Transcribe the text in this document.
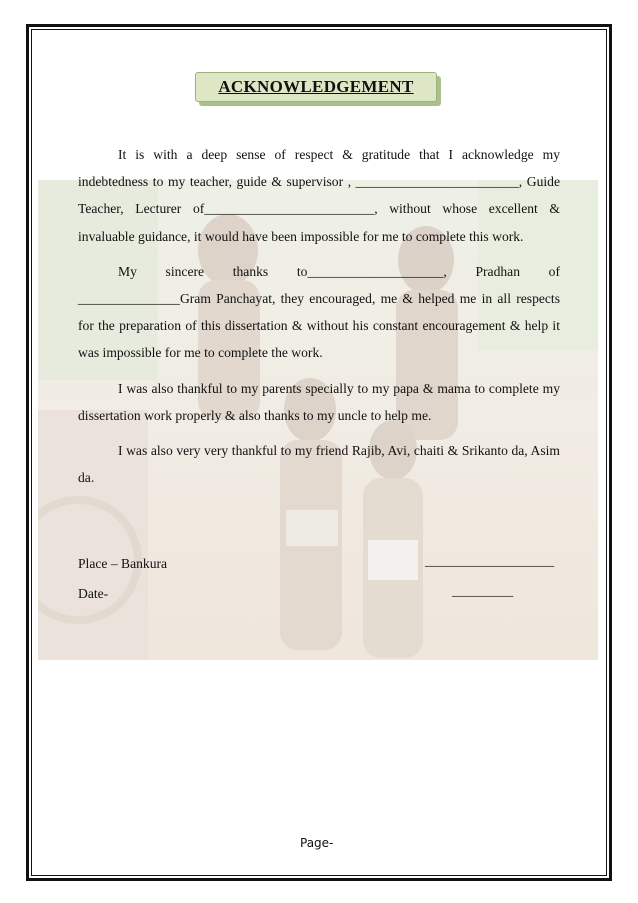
ACKNOWLEDGEMENT

It is with a deep sense of respect & gratitude that I acknowledge my indebtedness to my teacher, guide & supervisor , ________________________, Guide Teacher, Lecturer of_________________________, without whose excellent & invaluable guidance, it would have been impossible for me to complete this work.

My sincere thanks to____________________, Pradhan of _______________Gram Panchayat, they encouraged, me & helped me in all respects for the preparation of this dissertation & without his constant encouragement & help it was impossible for me to complete the work.

I was also thankful to my parents specially to my papa & mama to complete my dissertation work properly & also thanks to my uncle to help me.

I was also very very thankful to my friend Rajib, Avi, chaiti & Srikanto da, Asim da.

Place – Bankura	___________________
Date-	_________
Page-
